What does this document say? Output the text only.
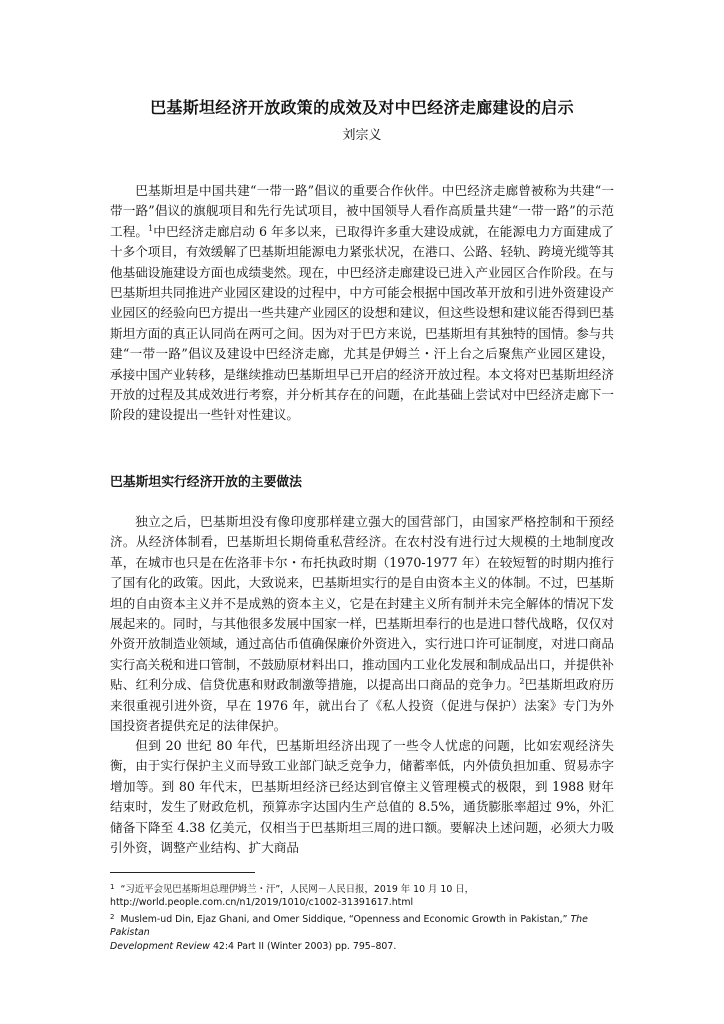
巴基斯坦经济开放政策的成效及对中巴经济走廊建设的启示
刘宗义

巴基斯坦是中国共建“一带一路”倡议的重要合作伙伴。中巴经济走廊曾被称为共建“一带一路”倡议的旗舰项目和先行先试项目，被中国领导人看作高质量共建“一带一路”的示范工程。$^1$中巴经济走廊启动 6 年多以来，已取得许多重大建设成就，在能源电力方面建成了十多个项目，有效缓解了巴基斯坦能源电力紧张状况，在港口、公路、轻轨、跨境光缆等其他基础设施建设方面也成绩斐然。现在，中巴经济走廊建设已进入产业园区合作阶段。在与巴基斯坦共同推进产业园区建设的过程中，中方可能会根据中国改革开放和引进外资建设产业园区的经验向巴方提出一些共建产业园区的设想和建议，但这些设想和建议能否得到巴基斯坦方面的真正认同尚在两可之间。因为对于巴方来说，巴基斯坦有其独特的国情。参与共建“一带一路”倡议及建设中巴经济走廊，尤其是伊姆兰・汗上台之后聚焦产业园区建设，承接中国产业转移，是继续推动巴基斯坦早已开启的经济开放过程。本文将对巴基斯坦经济开放的过程及其成效进行考察，并分析其存在的问题，在此基础上尝试对中巴经济走廊下一阶段的建设提出一些针对性建议。

巴基斯坦实行经济开放的主要做法

独立之后，巴基斯坦没有像印度那样建立强大的国营部门，由国家严格控制和干预经济。从经济体制看，巴基斯坦长期倚重私营经济。在农村没有进行过大规模的土地制度改革，在城市也只是在佐洛菲卡尔・布托执政时期（1970-1977 年）在较短暂的时期内推行了国有化的政策。因此，大致说来，巴基斯坦实行的是自由资本主义的体制。不过，巴基斯坦的自由资本主义并不是成熟的资本主义，它是在封建主义所有制并未完全解体的情况下发展起来的。同时，与其他很多发展中国家一样，巴基斯坦奉行的也是进口替代战略，仅仅对外资开放制造业领域，通过高估币值确保廉价外资进入，实行进口许可证制度，对进口商品实行高关税和进口管制，不鼓励原材料出口，推动国内工业化发展和制成品出口，并提供补贴、红利分成、信贷优惠和财政制激等措施，以提高出口商品的竞争力。$^2$巴基斯坦政府历来很重视引进外资，早在 1976 年，就出台了《私人投资（促进与保护）法案》专门为外国投资者提供充足的法律保护。

但到 20 世纪 80 年代，巴基斯坦经济出现了一些令人忧虑的问题，比如宏观经济失衡，由于实行保护主义而导致工业部门缺乏竞争力，储蓄率低，内外债负担加重、贸易赤字增加等。到 80 年代末，巴基斯坦经济已经达到官僚主义管理模式的极限，到 1988 财年结束时，发生了财政危机，预算赤字达国内生产总值的 8.5%，通货膨胀率超过 9%，外汇储备下降至 4.38 亿美元，仅相当于巴基斯坦三周的进口额。要解决上述问题，必须大力吸引外资，调整产业结构、扩大商品

$^1$ “习近平会见巴基斯坦总理伊姆兰・汗”，人民网－人民日报，2019 年 10 月 10 日，
http://world.people.com.cn/n1/2019/1010/c1002-31391617.html

$^2$ Muslem-ud Din, Ejaz Ghani, and Omer Siddique, “Openness and Economic Growth in Pakistan,” The Pakistan
Development Review 42:4 Part II (Winter 2003) pp. 795–807.
